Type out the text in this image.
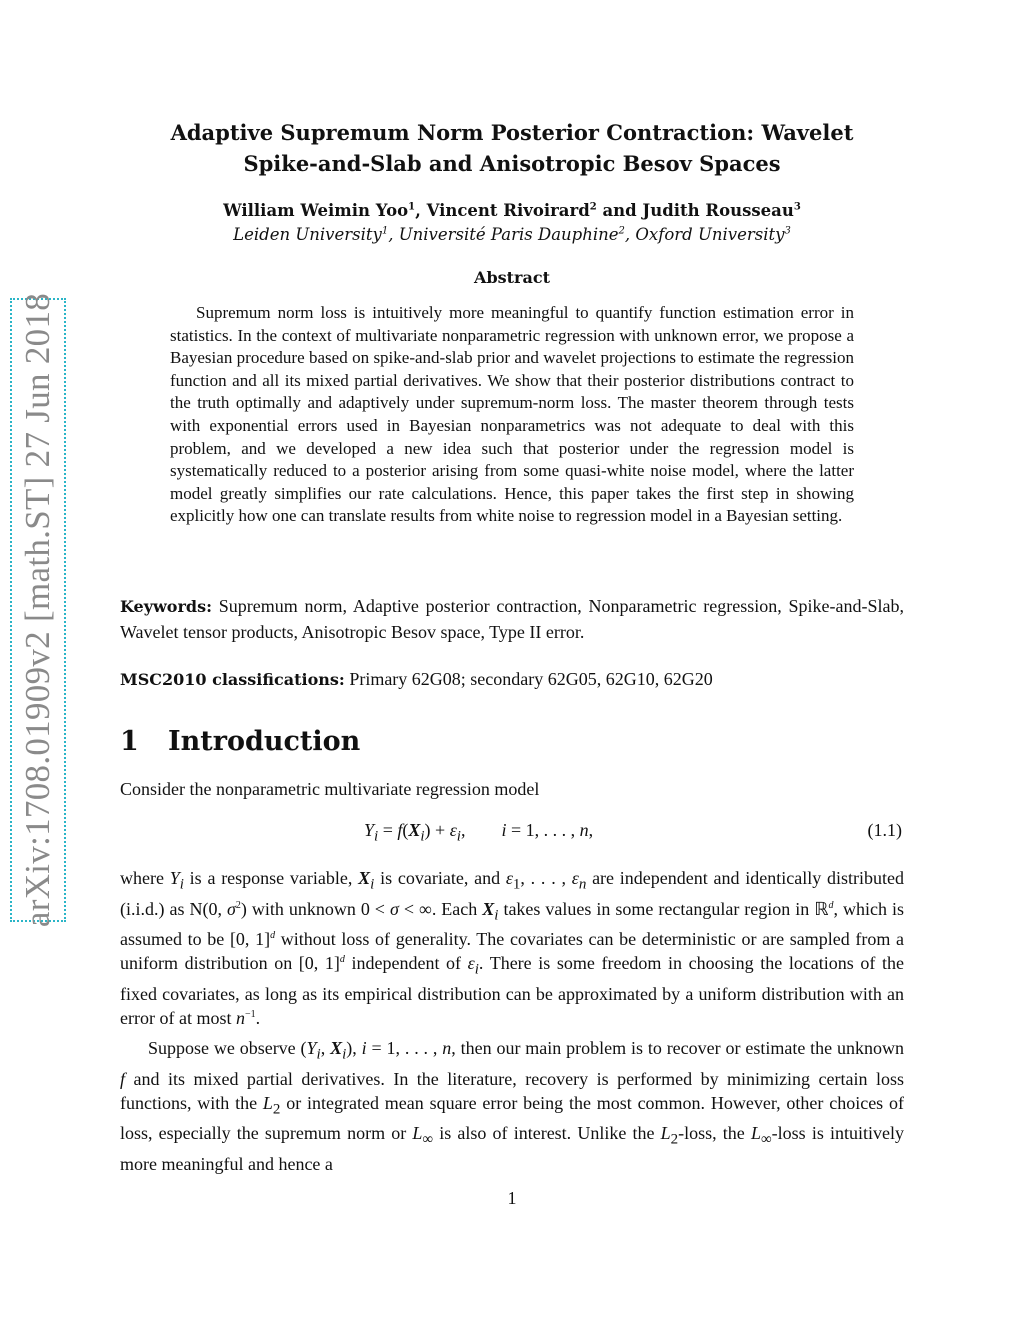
arXiv:1708.01909v2 [math.ST] 27 Jun 2018
Adaptive Supremum Norm Posterior Contraction: Wavelet Spike-and-Slab and Anisotropic Besov Spaces
William Weimin Yoo$^1$, Vincent Rivoirard$^2$ and Judith Rousseau$^3$
Leiden University$^1$, Université Paris Dauphine$^2$, Oxford University$^3$
Abstract

Supremum norm loss is intuitively more meaningful to quantify function estimation error in statistics. In the context of multivariate nonparametric regression with unknown error, we propose a Bayesian procedure based on spike-and-slab prior and wavelet projections to estimate the regression function and all its mixed partial derivatives. We show that their posterior distributions contract to the truth optimally and adaptively under supremum-norm loss. The master theorem through tests with exponential errors used in Bayesian nonparametrics was not adequate to deal with this problem, and we developed a new idea such that posterior under the regression model is systematically reduced to a posterior arising from some quasi-white noise model, where the latter model greatly simplifies our rate calculations. Hence, this paper takes the first step in showing explicitly how one can translate results from white noise to regression model in a Bayesian setting.

Keywords: Supremum norm, Adaptive posterior contraction, Nonparametric regression, Spike-and-Slab, Wavelet tensor products, Anisotropic Besov space, Type II error.

MSC2010 classifications: Primary 62G08; secondary 62G05, 62G10, 62G20

1 Introduction

Consider the nonparametric multivariate regression model

$Y_i = f(X_i) + \varepsilon_i$,        i = 1, . . . , n,	(1.1)

where $Y_i$ is a response variable, $X_i$ is covariate, and $\varepsilon_1$, . . . , $\varepsilon_n$ are independent and identically distributed (i.i.d.) as N(0, $\sigma^2$) with unknown 0 < σ < ∞. Each $X_i$ takes values in some rectangular region in ℝ$^d$, which is assumed to be [0, 1]$^d$ without loss of generality. The covariates can be deterministic or are sampled from a uniform distribution on [0, 1]$^d$ independent of $\varepsilon_i$. There is some freedom in choosing the locations of the fixed covariates, as long as its empirical distribution can be approximated by a uniform distribution with an error of at most $n^{-1}$.

Suppose we observe ($Y_i$, $X_i$), i = 1, . . . , n, then our main problem is to recover or estimate the unknown f and its mixed partial derivatives. In the literature, recovery is performed by minimizing certain loss functions, with the $L_2$ or integrated mean square error being the most common. However, other choices of loss, especially the supremum norm or $L_\infty$ is also of interest. Unlike the $L_2$-loss, the $L_\infty$-loss is intuitively more meaningful and hence a

1
